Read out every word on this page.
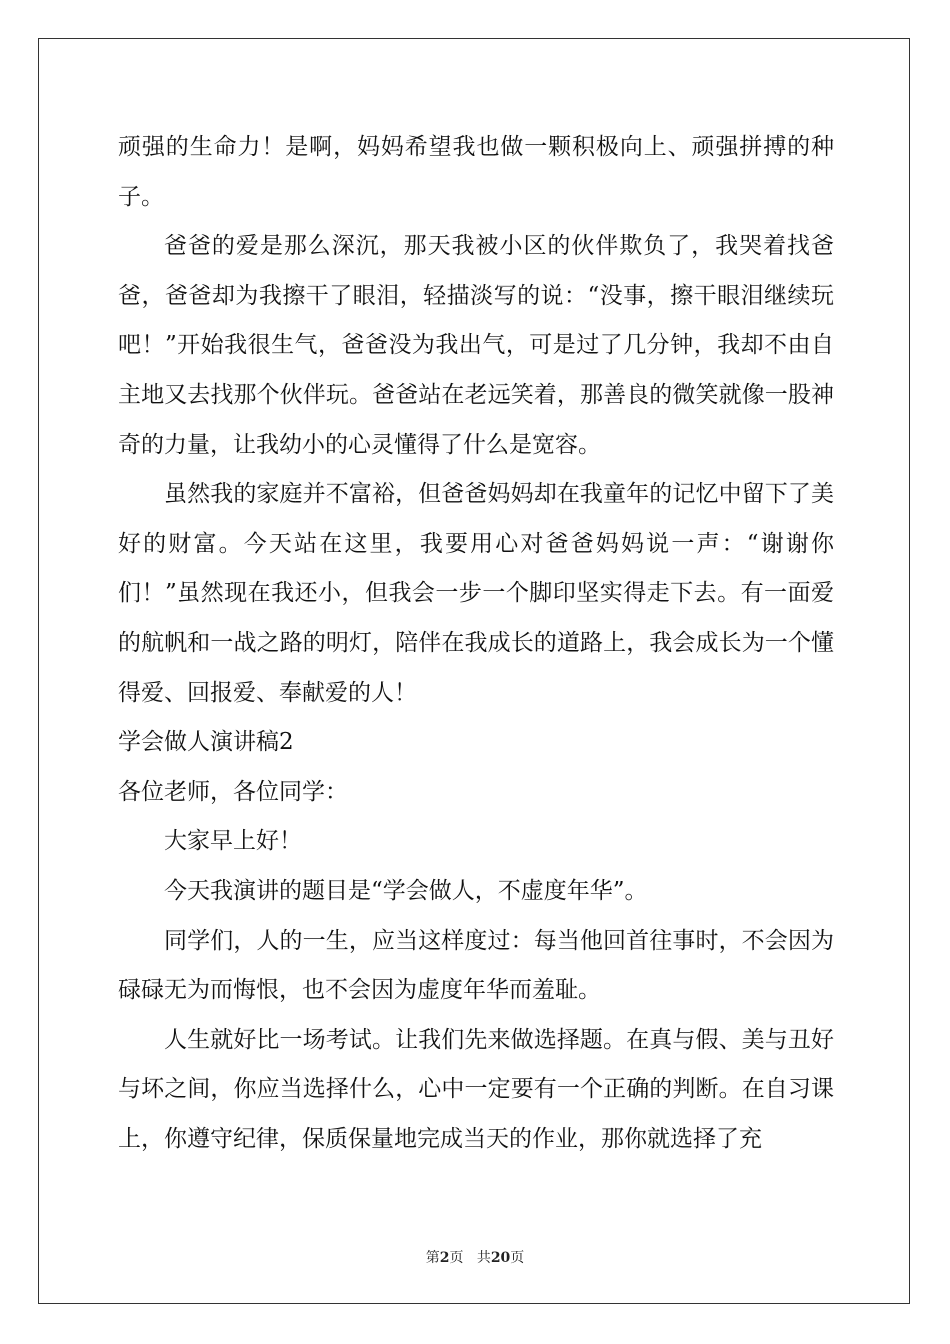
顽强的生命力！是啊，妈妈希望我也做一颗积极向上、顽强拼搏的种子。

爸爸的爱是那么深沉，那天我被小区的伙伴欺负了，我哭着找爸爸，爸爸却为我擦干了眼泪，轻描淡写的说：“没事，擦干眼泪继续玩吧！”开始我很生气，爸爸没为我出气，可是过了几分钟，我却不由自主地又去找那个伙伴玩。爸爸站在老远笑着，那善良的微笑就像一股神奇的力量，让我幼小的心灵懂得了什么是宽容。

虽然我的家庭并不富裕，但爸爸妈妈却在我童年的记忆中留下了美好的财富。今天站在这里，我要用心对爸爸妈妈说一声：“谢谢你们！”虽然现在我还小，但我会一步一个脚印坚实得走下去。有一面爱的航帆和一战之路的明灯，陪伴在我成长的道路上，我会成长为一个懂得爱、回报爱、奉献爱的人！

学会做人演讲稿2

各位老师，各位同学：

大家早上好！

今天我演讲的题目是“学会做人，不虚度年华”。

同学们，人的一生，应当这样度过：每当他回首往事时，不会因为碌碌无为而悔恨，也不会因为虚度年华而羞耻。

人生就好比一场考试。让我们先来做选择题。在真与假、美与丑好与坏之间，你应当选择什么，心中一定要有一个正确的判断。在自习课上，你遵守纪律，保质保量地完成当天的作业，那你就选择了充

第2页 共20页
